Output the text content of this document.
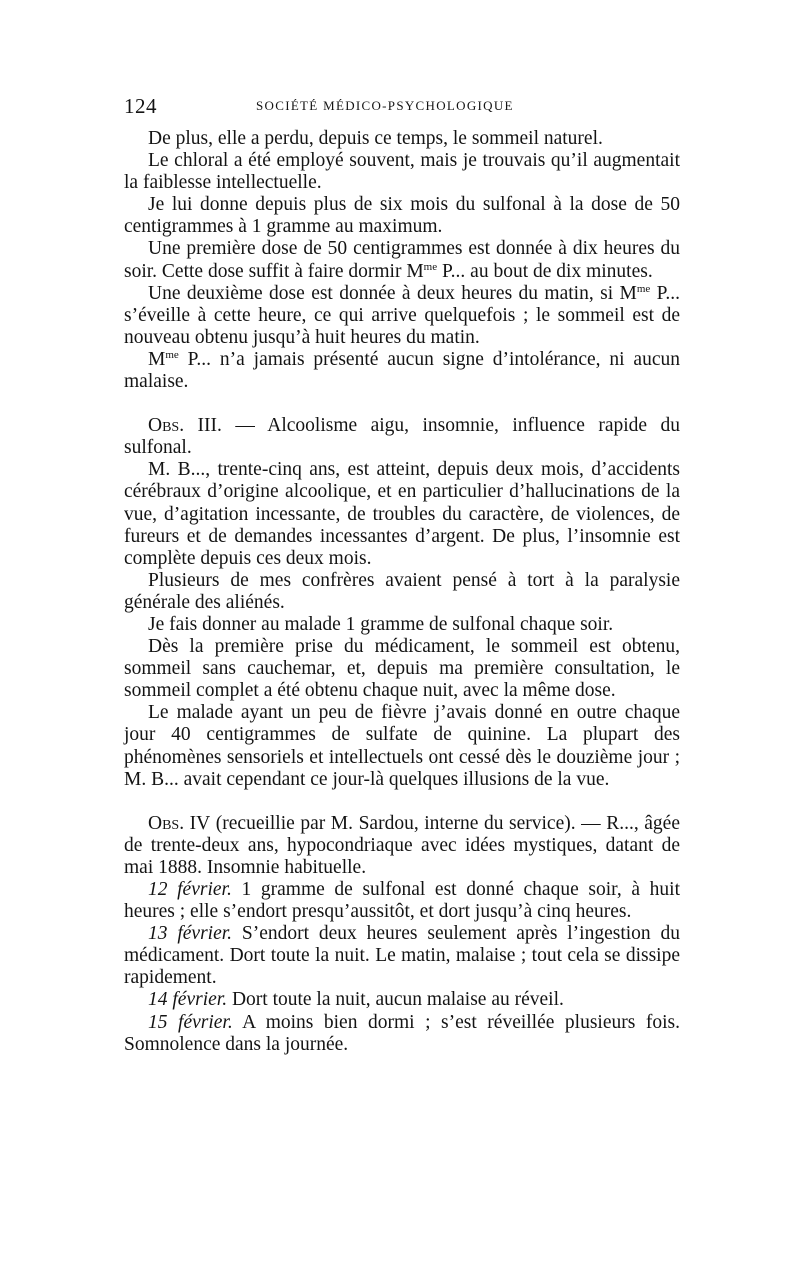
124	SOCIÉTÉ MÉDICO-PSYCHOLOGIQUE

De plus, elle a perdu, depuis ce temps, le sommeil naturel.

Le chloral a été employé souvent, mais je trouvais qu’il augmentait la faiblesse intellectuelle.

Je lui donne depuis plus de six mois du sulfonal à la dose de 50 centigrammes à 1 gramme au maximum.

Une première dose de 50 centigrammes est donnée à dix heures du soir. Cette dose suffit à faire dormir $M^{me}$ P... au bout de dix minutes.

Une deuxième dose est donnée à deux heures du matin, si $M^{me}$ P... s’éveille à cette heure, ce qui arrive quelquefois ; le sommeil est de nouveau obtenu jusqu’à huit heures du matin.

$M^{me}$ P... n’a jamais présenté aucun signe d’intolérance, ni aucun malaise.

Obs. III. — Alcoolisme aigu, insomnie, influence rapide du sulfonal.

M. B..., trente-cinq ans, est atteint, depuis deux mois, d’accidents cérébraux d’origine alcoolique, et en particulier d’hallucinations de la vue, d’agitation incessante, de troubles du caractère, de violences, de fureurs et de demandes incessantes d’argent. De plus, l’insomnie est complète depuis ces deux mois.

Plusieurs de mes confrères avaient pensé à tort à la paralysie générale des aliénés.

Je fais donner au malade 1 gramme de sulfonal chaque soir.

Dès la première prise du médicament, le sommeil est obtenu, sommeil sans cauchemar, et, depuis ma première consultation, le sommeil complet a été obtenu chaque nuit, avec la même dose.

Le malade ayant un peu de fièvre j’avais donné en outre chaque jour 40 centigrammes de sulfate de quinine. La plupart des phénomènes sensoriels et intellectuels ont cessé dès le douzième jour ; M. B... avait cependant ce jour-là quelques illusions de la vue.

Obs. IV (recueillie par M. Sardou, interne du service). — R..., âgée de trente-deux ans, hypocondriaque avec idées mystiques, datant de mai 1888. Insomnie habituelle.

12 février. 1 gramme de sulfonal est donné chaque soir, à huit heures ; elle s’endort presqu’aussitôt, et dort jusqu’à cinq heures.

13 février. S’endort deux heures seulement après l’ingestion du médicament. Dort toute la nuit. Le matin, malaise ; tout cela se dissipe rapidement.

14 février. Dort toute la nuit, aucun malaise au réveil.

15 février. A moins bien dormi ; s’est réveillée plusieurs fois. Somnolence dans la journée.
